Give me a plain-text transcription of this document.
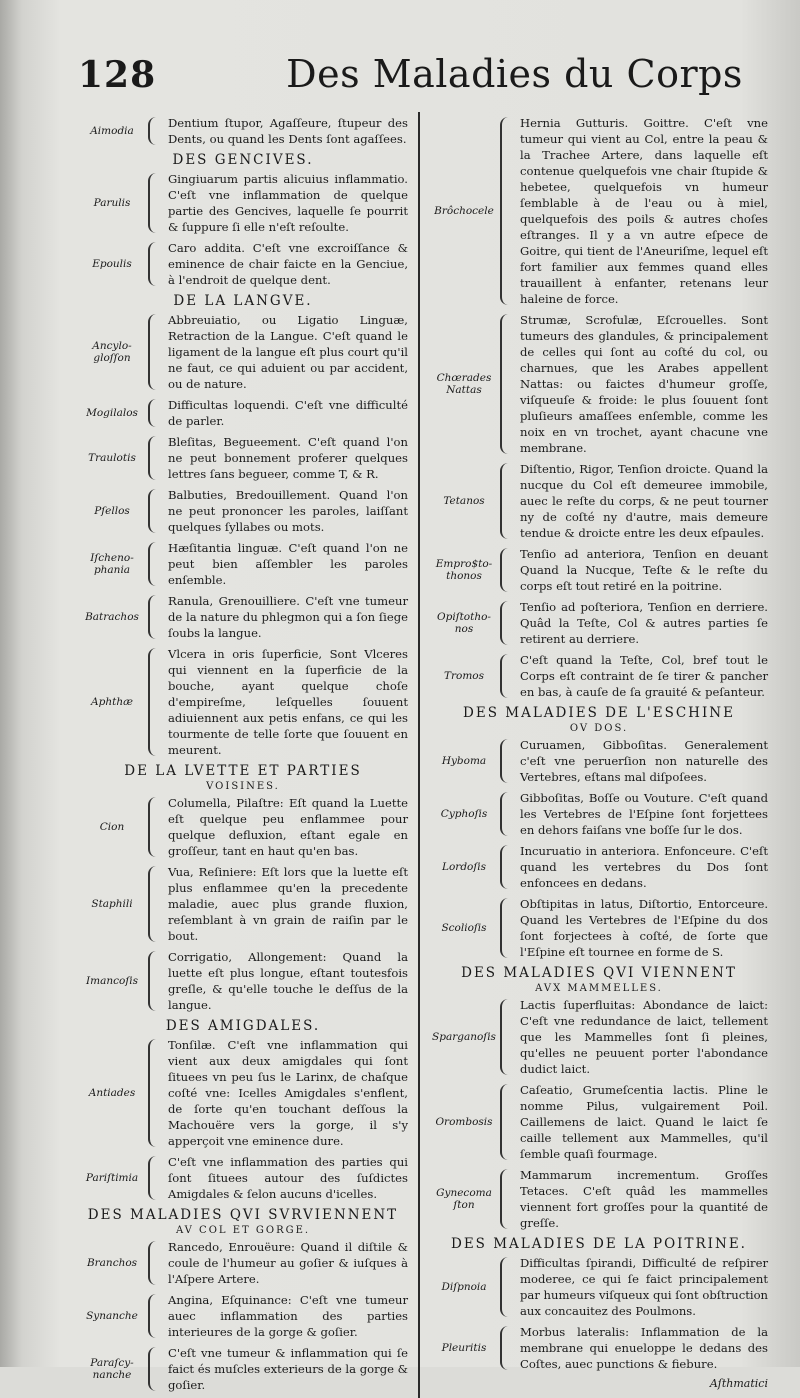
128	Des Maladies du Corps
Aimodia
Dentium ſtupor, Agaſſeure, ſtupeur des Dents, ou quand les Dents ſont agaſſees.
DES GENCIVES.
Parulis
Gingiuarum partis alicuius inflammatio. C'eſt vne inflammation de quelque partie des Gencives, laquelle ſe pourrit & ſuppure ſi elle n'eſt reſoulte.
Epoulis
Caro addita. C'eſt vne excroiſſance & eminence de chair faicte en la Genciue, à l'endroit de quelque dent.
DE LA LANGVE.
Ancylo-gloſſon
Abbreuiatio, ou Ligatio Linguæ, Retraction de la Langue. C'eſt quand le ligament de la langue eſt plus court qu'il ne faut, ce qui aduient ou par accident, ou de nature.
Mogilalos
Difficultas loquendi. C'eſt vne difficulté de parler.
Traulotis
Bleſitas, Begueement. C'eſt quand l'on ne peut bonnement proferer quelques lettres ſans begueer, comme T, & R.
Pſellos
Balbuties, Bredouillement. Quand l'on ne peut prononcer les paroles, laiſſant quelques ſyllabes ou mots.
Iſcheno-phania
Hæſitantia linguæ. C'eſt quand l'on ne peut bien aſſembler les paroles enſemble.
Batrachos
Ranula, Grenouilliere. C'eſt vne tumeur de la nature du phlegmon qui a ſon ſiege ſoubs la langue.
Aphthæ
Vlcera in oris ſuperficie, Sont Vlceres qui viennent en la ſuperficie de la bouche, ayant quelque choſe d'empireſme, leſquelles ſouuent adiuiennent aux petis enfans, ce qui les tourmente de telle ſorte que ſouuent en meurent.
DE LA LVETTE ET PARTIES
VOISINES.
Cion
Columella, Pilaſtre: Eſt quand la Luette eſt quelque peu enflammee pour quelque defluxion, eſtant egale en groſſeur, tant en haut qu'en bas.
Staphili
Vua, Reſiniere: Eſt lors que la luette eſt plus enflammee qu'en la precedente maladie, auec plus grande fluxion, reſemblant à vn grain de raiſin par le bout.
Imancoſis
Corrigatio, Allongement: Quand la luette eſt plus longue, eſtant toutesfois greſle, & qu'elle touche le deſſus de la langue.
DES AMIGDALES.
Antiades
Tonſilæ. C'eſt vne inflammation qui vient aux deux amigdales qui ſont ſituees vn peu ſus le Larinx, de chaſque coſté vne: Icelles Amigdales s'enflent, de ſorte qu'en touchant deſſous la Machouëre vers la gorge, il s'y apperçoit vne eminence dure.
Pariſtimia
C'eſt vne inflammation des parties qui ſont ſituees autour des ſuſdictes Amigdales & ſelon aucuns d'icelles.
DES MALADIES QVI SVRVIENNENT
AV COL ET GORGE.
Branchos
Rancedo, Enrouëure: Quand il diſtile & coule de l'humeur au goſier & iuſques à l'Aſpere Artere.
Synanche
Angina, Eſquinance: C'eſt vne tumeur auec inflammation des parties interieures de la gorge & goſier.
Paraſcy-nanche
C'eſt vne tumeur & inflammation qui ſe faict és muſcles exterieurs de la gorge & goſier.
Brôchocele
Hernia Gutturis. Goittre. C'eſt vne tumeur qui vient au Col, entre la peau & la Trachee Artere, dans laquelle eſt contenue quelquefois vne chair ſtupide & hebetee, quelquefois vn humeur ſemblable à de l'eau ou à miel, quelquefois des poils & autres choſes eſtranges. Il y a vn autre eſpece de Goitre, qui tient de l'Aneuriſme, lequel eſt fort familier aux femmes quand elles trauaillent à enfanter, retenans leur haleine de force.
Chœrades Nattas
Strumæ, Scrofulæ, Eſcrouelles. Sont tumeurs des glandules, & principalement de celles qui ſont au coſté du col, ou charnues, que les Arabes appellent Nattas: ou faictes d'humeur groſſe, viſqueuſe & froide: le plus ſouuent ſont pluſieurs amaſſees enſemble, comme les noix en vn trochet, ayant chacune vne membrane.
Tetanos
Diſtentio, Rigor, Tenſion droicte. Quand la nucque du Col eſt demeuree immobile, auec le reſte du corps, & ne peut tourner ny de coſté ny d'autre, mais demeure tendue & droicte entre les deux eſpaules.
Empro$to-thonos
Tenſio ad anteriora, Tenſion en deuant Quand la Nucque, Teſte & le reſte du corps eſt tout retiré en la poitrine.
Opiſtotho-nos
Tenſio ad poſteriora, Tenſion en derriere. Quâd la Teſte, Col & autres parties ſe retirent au derriere.
Tromos
C'eſt quand la Teſte, Col, bref tout le Corps eſt contraint de ſe tirer & pancher en bas, à cauſe de ſa grauité & peſanteur.
DES MALADIES DE L'ESCHINE
OV DOS.
Hyboma
Curuamen, Gibboſitas. Generalement c'eſt vne peruerſion non naturelle des Vertebres, eſtans mal diſpoſees.
Cyphoſis
Gibboſitas, Boſſe ou Vouture. C'eſt quand les Vertebres de l'Eſpine ſont forjettees en dehors faiſans vne boſſe ſur le dos.
Lordoſis
Incuruatio in anteriora. Enfonceure. C'eſt quand les vertebres du Dos ſont enfoncees en dedans.
Scolioſis
Obſtipitas in latus, Diſtortio, Entorceure. Quand les Vertebres de l'Eſpine du dos ſont forjectees à coſté, de ſorte que l'Eſpine eſt tournee en forme de S.
DES MALADIES QVI VIENNENT
AVX MAMMELLES.
Sparganoſis
Lactis ſuperfluitas: Abondance de laict: C'eſt vne redundance de laict, tellement que les Mammelles ſont ſi pleines, qu'elles ne peuuent porter l'abondance dudict laict.
Orombosis
Caſeatio, Grumeſcentia lactis. Pline le nomme Pilus, vulgairement Poil. Caillemens de laict. Quand le laict ſe caille tellement aux Mammelles, qu'il ſemble quaſi fourmage.
Gynecoma ſton
Mammarum incrementum. Groſſes Tetaces. C'eſt quâd les mammelles viennent fort groſſes pour la quantité de greſſe.
DES MALADIES DE LA POITRINE.
Diſpnoia
Difficultas ſpirandi, Difficulté de reſpirer moderee, ce qui ſe faict principalement par humeurs viſqueux qui ſont obſtruction aux concauitez des Poulmons.
Pleuritis
Morbus lateralis: Inflammation de la membrane qui enueloppe le dedans des Coſtes, auec punctions & fiebure.
Aſthmatici
